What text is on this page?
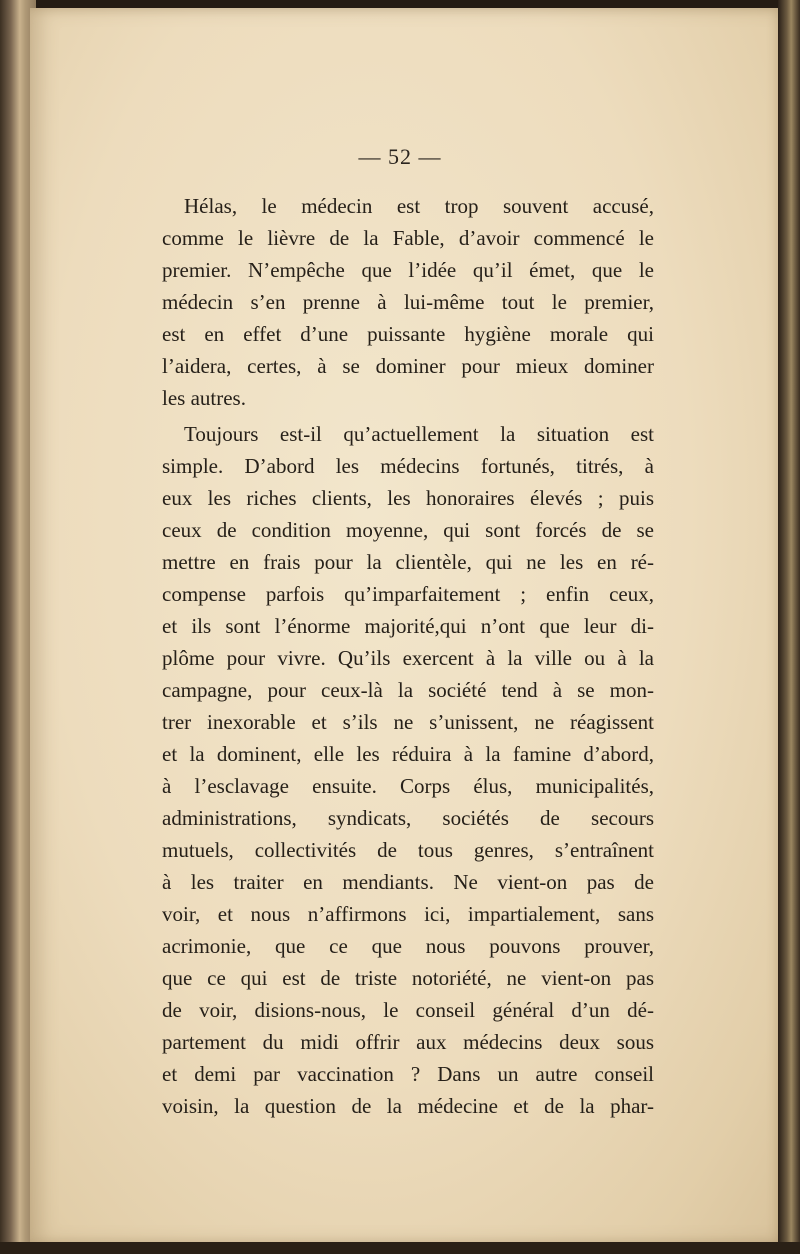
— 52 —
Hélas, le médecin est trop souvent accusé,
comme le lièvre de la Fable, d’avoir commencé le
premier. N’empêche que l’idée qu’il émet, que le
médecin s’en prenne à lui-même tout le premier,
est en effet d’une puissante hygiène morale qui
l’aidera, certes, à se dominer pour mieux dominer
les autres.
Toujours est-il qu’actuellement la situation est
simple. D’abord les médecins fortunés, titrés, à
eux les riches clients, les honoraires élevés ; puis
ceux de condition moyenne, qui sont forcés de se
mettre en frais pour la clientèle, qui ne les en ré-
compense parfois qu’imparfaitement ; enfin ceux,
et ils sont l’énorme majorité,qui n’ont que leur di-
plôme pour vivre. Qu’ils exercent à la ville ou à la
campagne, pour ceux-là la société tend à se mon-
trer inexorable et s’ils ne s’unissent, ne réagissent
et la dominent, elle les réduira à la famine d’abord,
à l’esclavage ensuite. Corps élus, municipalités,
administrations, syndicats, sociétés de secours
mutuels, collectivités de tous genres, s’entraînent
à les traiter en mendiants. Ne vient-on pas de
voir, et nous n’affirmons ici, impartialement, sans
acrimonie, que ce que nous pouvons prouver,
que ce qui est de triste notoriété, ne vient-on pas
de voir, disions-nous, le conseil général d’un dé-
partement du midi offrir aux médecins deux sous
et demi par vaccination ? Dans un autre conseil
voisin, la question de la médecine et de la phar-
